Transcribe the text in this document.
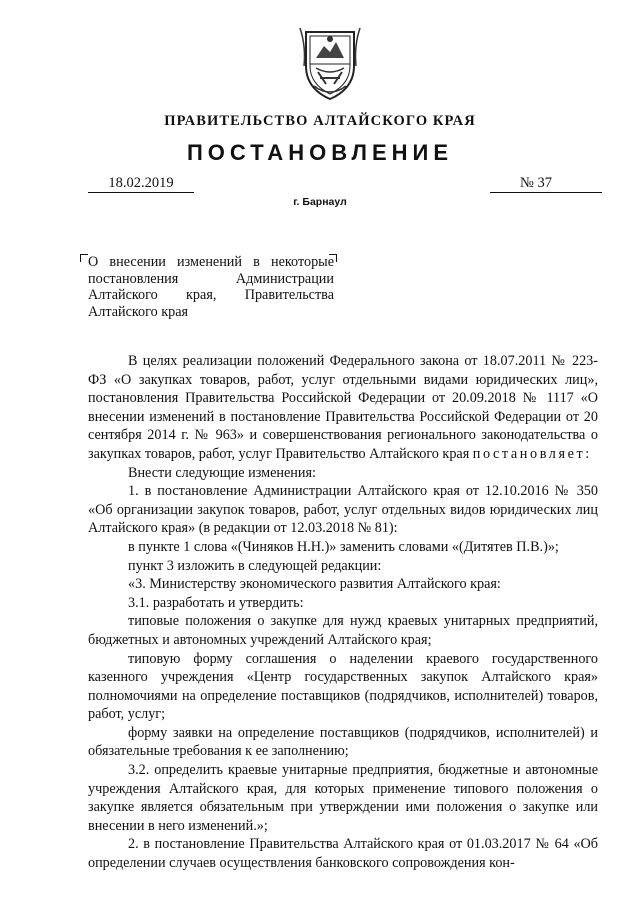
ПРАВИТЕЛЬСТВО АЛТАЙСКОГО КРАЯ
ПОСТАНОВЛЕНИЕ
18.02.2019	№ 37
г. Барнаул
О внесении изменений в некоторые постановления Администрации Алтайского края, Правительства Алтайского края

В целях реализации положений Федерального закона от 18.07.2011 № 223-ФЗ «О закупках товаров, работ, услуг отдельными видами юридических лиц», постановления Правительства Российской Федерации от 20.09.2018 № 1117 «О внесении изменений в постановление Правительства Российской Федерации от 20 сентября 2014 г. № 963» и совершенствования регионального законодательства о закупках товаров, работ, услуг Правительство Алтайского края постановляет:

Внести следующие изменения:

1. в постановление Администрации Алтайского края от 12.10.2016 № 350 «Об организации закупок товаров, работ, услуг отдельных видов юридических лиц Алтайского края» (в редакции от 12.03.2018 № 81):

в пункте 1 слова «(Чиняков Н.Н.)» заменить словами «(Дитятев П.В.)»;

пункт 3 изложить в следующей редакции:

«3. Министерству экономического развития Алтайского края:

3.1. разработать и утвердить:

типовые положения о закупке для нужд краевых унитарных предприятий, бюджетных и автономных учреждений Алтайского края;

типовую форму соглашения о наделении краевого государственного казенного учреждения «Центр государственных закупок Алтайского края» полномочиями на определение поставщиков (подрядчиков, исполнителей) товаров, работ, услуг;

форму заявки на определение поставщиков (подрядчиков, исполнителей) и обязательные требования к ее заполнению;

3.2. определить краевые унитарные предприятия, бюджетные и автономные учреждения Алтайского края, для которых применение типового положения о закупке является обязательным при утверждении ими положения о закупке или внесении в него изменений.»;

2. в постановление Правительства Алтайского края от 01.03.2017 № 64 «Об определении случаев осуществления банковского сопровождения кон-
